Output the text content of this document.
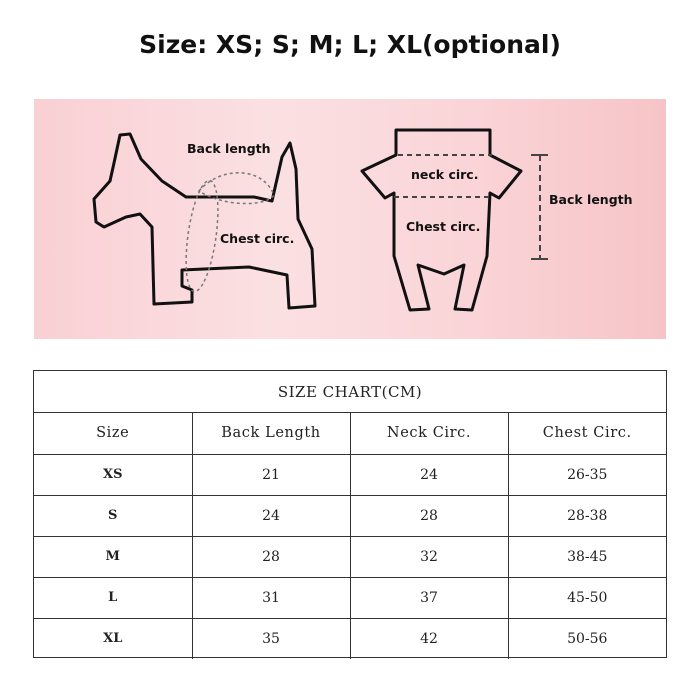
Size: XS; S; M; L; XL(optional)
Back length
Chest circ.
neck circ.
Chest circ.
Back length
SIZE CHART(CM)
Size	Back Length	Neck Circ.	Chest Circ.
XS	21	24	26-35
S	24	28	28-38
M	28	32	38-45
L	31	37	45-50
XL	35	42	50-56
